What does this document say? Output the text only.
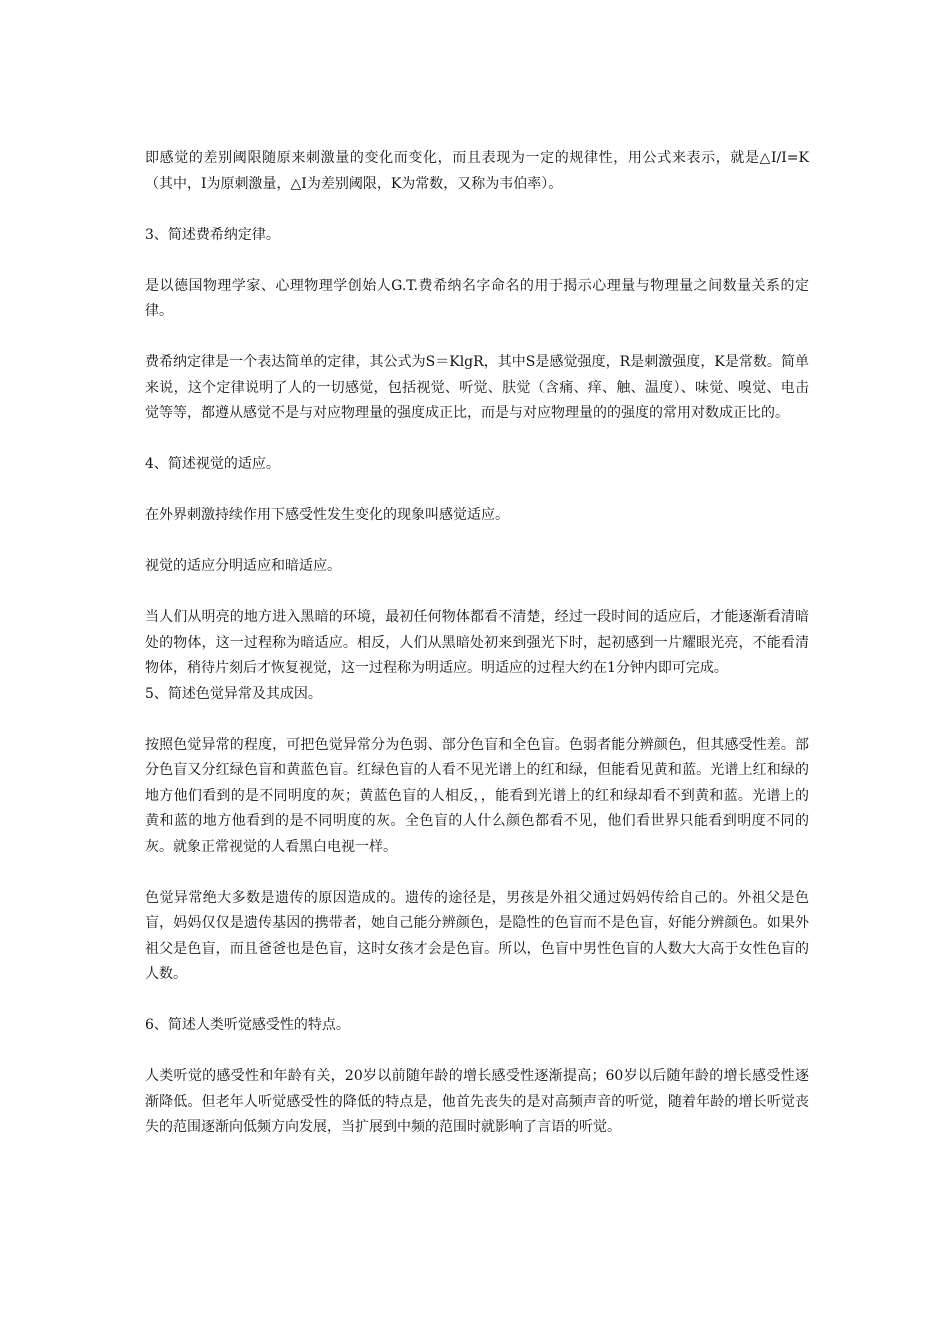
即感觉的差别阈限随原来刺激量的变化而变化，而且表现为一定的规律性，用公式来表示，就是△I/I=K（其中，I为原刺激量，△I为差别阈限，K为常数，又称为韦伯率）。

3、简述费希纳定律。

是以德国物理学家、心理物理学创始人G.T.费希纳名字命名的用于揭示心理量与物理量之间数量关系的定律。

费希纳定律是一个表达简单的定律，其公式为S＝KlgR，其中S是感觉强度，R是刺激强度，K是常数。简单来说，这个定律说明了人的一切感觉，包括视觉、听觉、肤觉（含痛、痒、触、温度）、味觉、嗅觉、电击觉等等，都遵从感觉不是与对应物理量的强度成正比，而是与对应物理量的的强度的常用对数成正比的。

4、简述视觉的适应。

在外界刺激持续作用下感受性发生变化的现象叫感觉适应。

视觉的适应分明适应和暗适应。

当人们从明亮的地方进入黑暗的环境，最初任何物体都看不清楚，经过一段时间的适应后，才能逐渐看清暗处的物体，这一过程称为暗适应。相反，人们从黑暗处初来到强光下时，起初感到一片耀眼光亮，不能看清物体，稍待片刻后才恢复视觉，这一过程称为明适应。明适应的过程大约在1分钟内即可完成。

5、简述色觉异常及其成因。

按照色觉异常的程度，可把色觉异常分为色弱、部分色盲和全色盲。色弱者能分辨颜色，但其感受性差。部分色盲又分红绿色盲和黄蓝色盲。红绿色盲的人看不见光谱上的红和绿，但能看见黄和蓝。光谱上红和绿的地方他们看到的是不同明度的灰；黄蓝色盲的人相反，，能看到光谱上的红和绿却看不到黄和蓝。光谱上的黄和蓝的地方他看到的是不同明度的灰。全色盲的人什么颜色都看不见，他们看世界只能看到明度不同的灰。就象正常视觉的人看黑白电视一样。

色觉异常绝大多数是遗传的原因造成的。遗传的途径是，男孩是外祖父通过妈妈传给自己的。外祖父是色盲，妈妈仅仅是遗传基因的携带者，她自己能分辨颜色，是隐性的色盲而不是色盲，好能分辨颜色。如果外祖父是色盲，而且爸爸也是色盲，这时女孩才会是色盲。所以，色盲中男性色盲的人数大大高于女性色盲的人数。

6、简述人类听觉感受性的特点。

人类听觉的感受性和年龄有关，20岁以前随年龄的增长感受性逐渐提高；60岁以后随年龄的增长感受性逐渐降低。但老年人听觉感受性的降低的特点是，他首先丧失的是对高频声音的听觉，随着年龄的增长听觉丧失的范围逐渐向低频方向发展，当扩展到中频的范围时就影响了言语的听觉。
